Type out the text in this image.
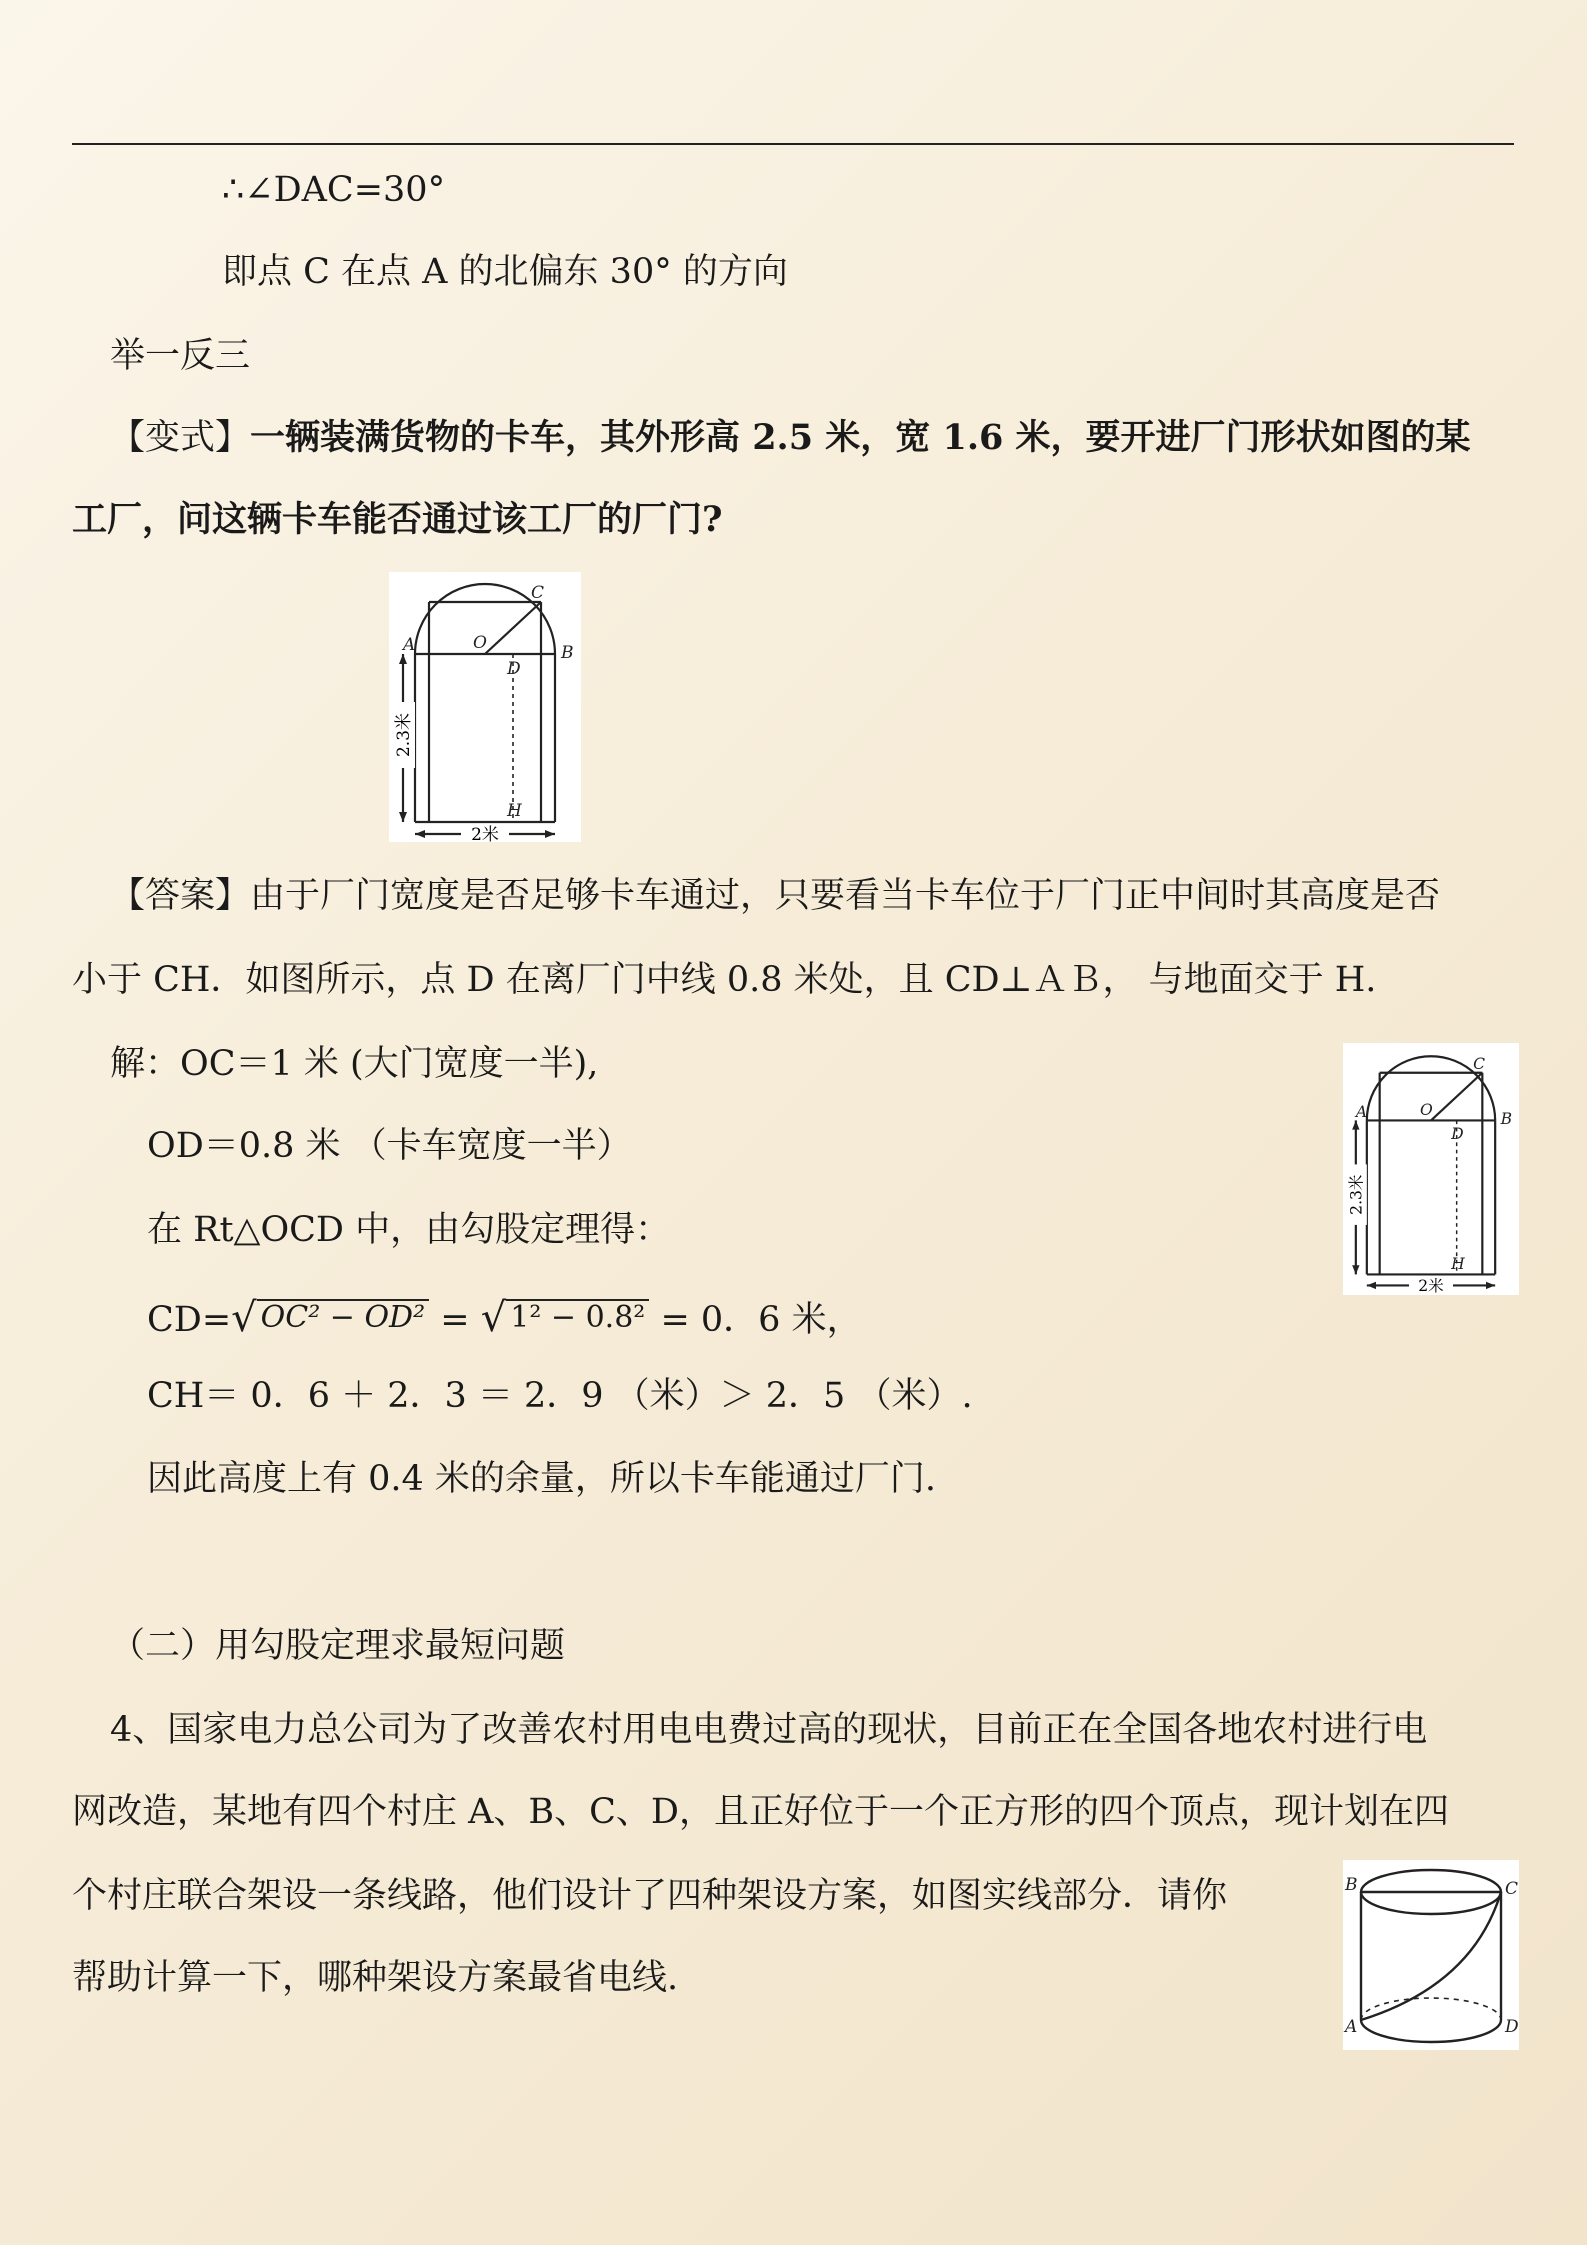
∴∠DAC=30°
即点 C 在点 A 的北偏东 30° 的方向
举一反三
【变式】一辆装满货物的卡车，其外形高 2.5 米，宽 1.6 米，要开进厂门形状如图的某
工厂，问这辆卡车能否通过该工厂的厂门?
2.3米
2米
A	B
C
O
D
H
【答案】由于厂门宽度是否足够卡车通过，只要看当卡车位于厂门正中间时其高度是否
小于 CH．如图所示，点 D 在离厂门中线 0.8 米处，且 CD⊥ＡＢ， 与地面交于 H.
解：OC＝1 米 (大门宽度一半),
OD＝0.8 米 （卡车宽度一半）
在 Rt△OCD 中，由勾股定理得：
CD=√ OC² − OD² = √ 1² − 0.8² = 0．6 米，
CH＝ 0．6 ＋ 2．3 ＝ 2．9 （米）＞ 2．5 （米）.
因此高度上有 0.4 米的余量，所以卡车能通过厂门.
2.3米
2米
A	B
C
O
D
H
（二）用勾股定理求最短问题
4、国家电力总公司为了改善农村用电电费过高的现状，目前正在全国各地农村进行电
网改造，某地有四个村庄 A、B、C、D，且正好位于一个正方形的四个顶点，现计划在四
个村庄联合架设一条线路，他们设计了四种架设方案，如图实线部分．请你
帮助计算一下，哪种架设方案最省电线.
B	C
A	D
